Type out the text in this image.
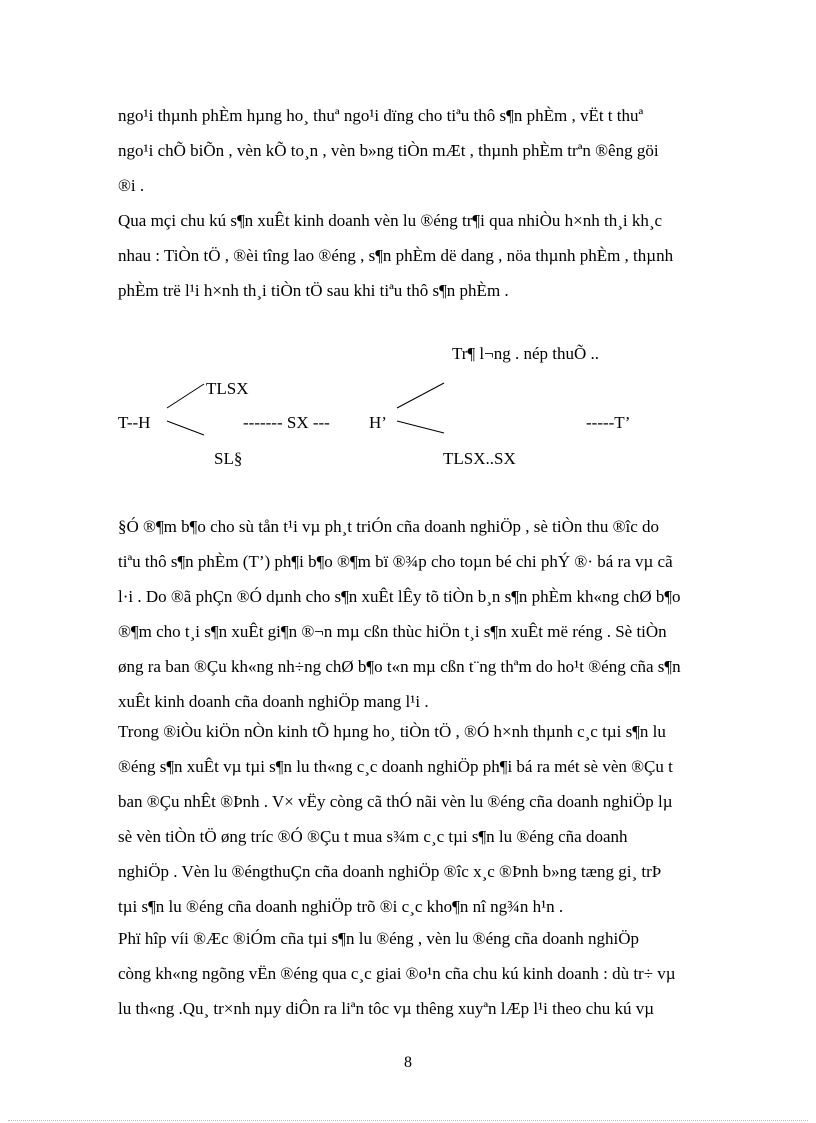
ngo¹i thµnh phÈm hµng ho¸ thuª ngo¹i dïng cho tiªu thô s¶n phÈm , vËt t thuª
ngo¹i chÕ biÕn , vèn kÕ to¸n , vèn b»ng tiÒn mÆt , thµnh phÈm trªn ®êng göi
®i .

Qua mçi chu kú s¶n xuÊt kinh doanh vèn lu ®éng tr¶i qua nhiÒu h×nh th¸i kh¸c
nhau : TiÒn tÖ , ®èi tîng lao ®éng , s¶n phÈm dë dang , nöa thµnh phÈm , thµnh
phÈm trë l¹i h×nh th¸i tiÒn tÖ sau khi tiªu thô s¶n phÈm .

Tr¶ l¬ng . nép thuÕ ..
TLSX
T--H	------- SX --- H’	-----T’
SL§	TLSX..SX

§Ó ®¶m b¶o cho sù tån t¹i vµ ph¸t triÓn cña doanh nghiÖp , sè tiÒn thu ®îc do
tiªu thô s¶n phÈm (T’) ph¶i b¶o ®¶m bï ®¾p cho toµn bé chi phÝ ®· bá ra vµ cã
l·i . Do ®ã phÇn ®Ó dµnh cho s¶n xuÊt lÊy tõ tiÒn b¸n s¶n phÈm kh«ng chØ b¶o
®¶m cho t¸i s¶n xuÊt gi¶n ®¬n mµ cßn thùc hiÖn t¸i s¶n xuÊt më réng . Sè tiÒn
øng ra ban ®Çu kh«ng nh÷ng chØ b¶o t«n mµ cßn t¨ng thªm do ho¹t ®éng cña s¶n
xuÊt kinh doanh cña doanh nghiÖp mang l¹i .

Trong ®iÒu kiÖn nÒn kinh tÕ hµng ho¸ tiÒn tÖ , ®Ó h×nh thµnh c¸c tµi s¶n lu
®éng s¶n xuÊt vµ tµi s¶n lu th«ng c¸c doanh nghiÖp ph¶i bá ra mét sè vèn ®Çu t
ban ®Çu nhÊt ®Þnh . V× vËy còng cã thÓ nãi vèn lu ®éng cña doanh nghiÖp lµ
sè vèn tiÒn tÖ øng tríc ®Ó ®Çu t mua s¾m c¸c tµi s¶n lu ®éng cña doanh
nghiÖp . Vèn lu ®éngthuÇn cña doanh nghiÖp ®îc x¸c ®Þnh b»ng tæng gi¸ trÞ
tµi s¶n lu ®éng cña doanh nghiÖp trõ ®i c¸c kho¶n nî ng¾n h¹n .

Phï hîp víi ®Æc ®iÓm cña tµi s¶n lu ®éng , vèn lu ®éng cña doanh nghiÖp
còng kh«ng ngõng vËn ®éng qua c¸c giai ®o¹n cña chu kú kinh doanh : dù tr÷ vµ
lu th«ng .Qu¸ tr×nh nµy diÔn ra liªn tôc vµ thêng xuyªn lÆp l¹i theo chu kú vµ

8
